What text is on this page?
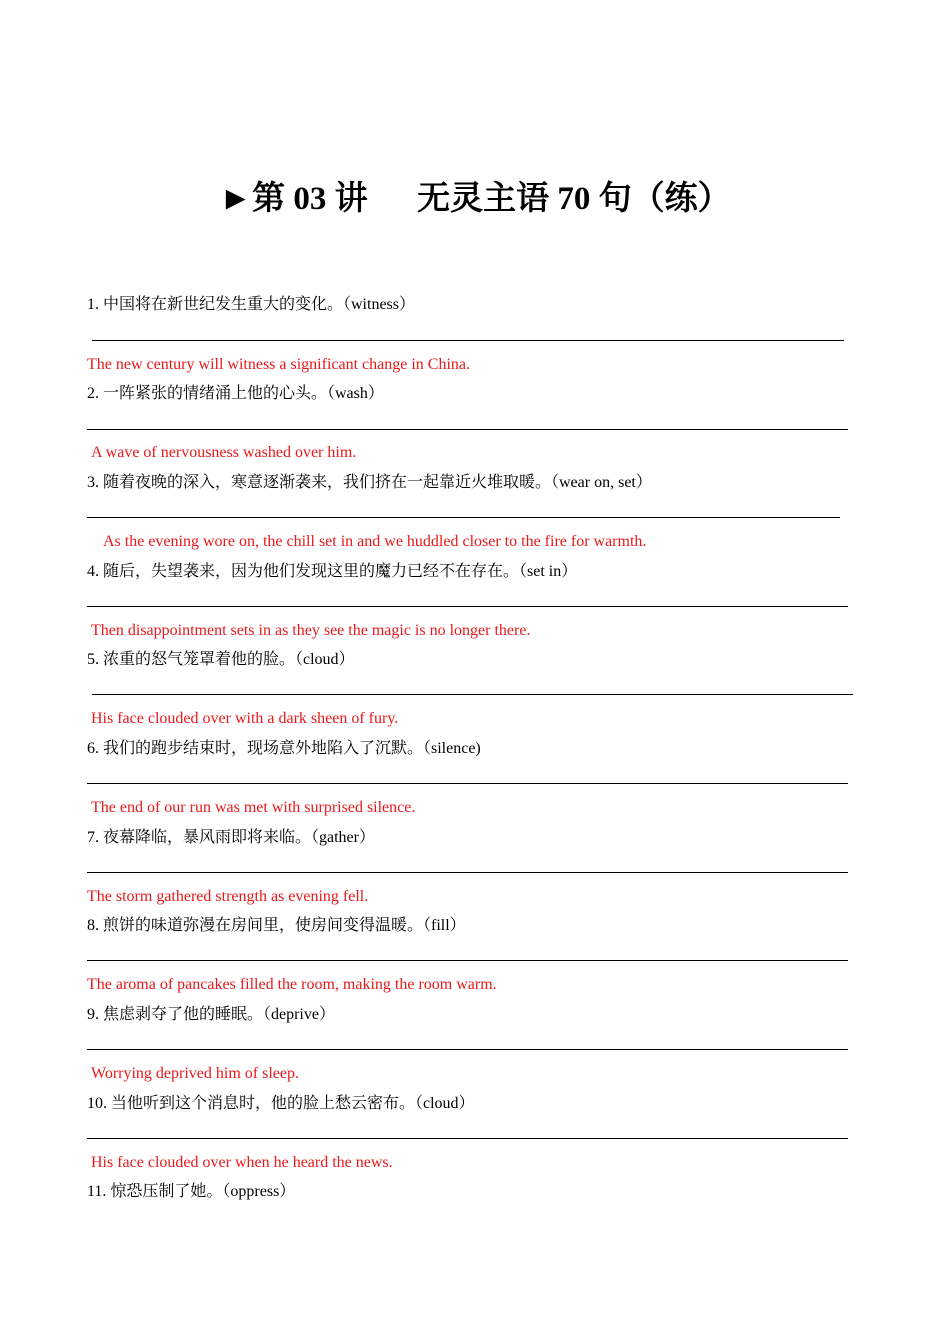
►第 03 讲      无灵主语 70 句（练）
1. 中国将在新世纪发生重大的变化。（witness）
The new century will witness a significant change in China.
2. 一阵紧张的情绪涌上他的心头。（wash）
A wave of nervousness washed over him.
3. 随着夜晚的深入，寒意逐渐袭来，我们挤在一起靠近火堆取暖。（wear on, set）
As the evening wore on, the chill set in and we huddled closer to the fire for warmth.
4. 随后，失望袭来，因为他们发现这里的魔力已经不在存在。（set in）
Then disappointment sets in as they see the magic is no longer there.
5. 浓重的怒气笼罩着他的脸。（cloud）
His face clouded over with a dark sheen of fury.
6. 我们的跑步结束时，现场意外地陷入了沉默。（silence)
The end of our run was met with surprised silence.
7. 夜幕降临，暴风雨即将来临。（gather）
The storm gathered strength as evening fell.
8. 煎饼的味道弥漫在房间里，使房间变得温暖。（fill）
The aroma of pancakes filled the room, making the room warm.
9. 焦虑剥夺了他的睡眠。（deprive）
Worrying deprived him of sleep.
10. 当他听到这个消息时，他的脸上愁云密布。（cloud）
His face clouded over when he heard the news.
11. 惊恐压制了她。（oppress）
